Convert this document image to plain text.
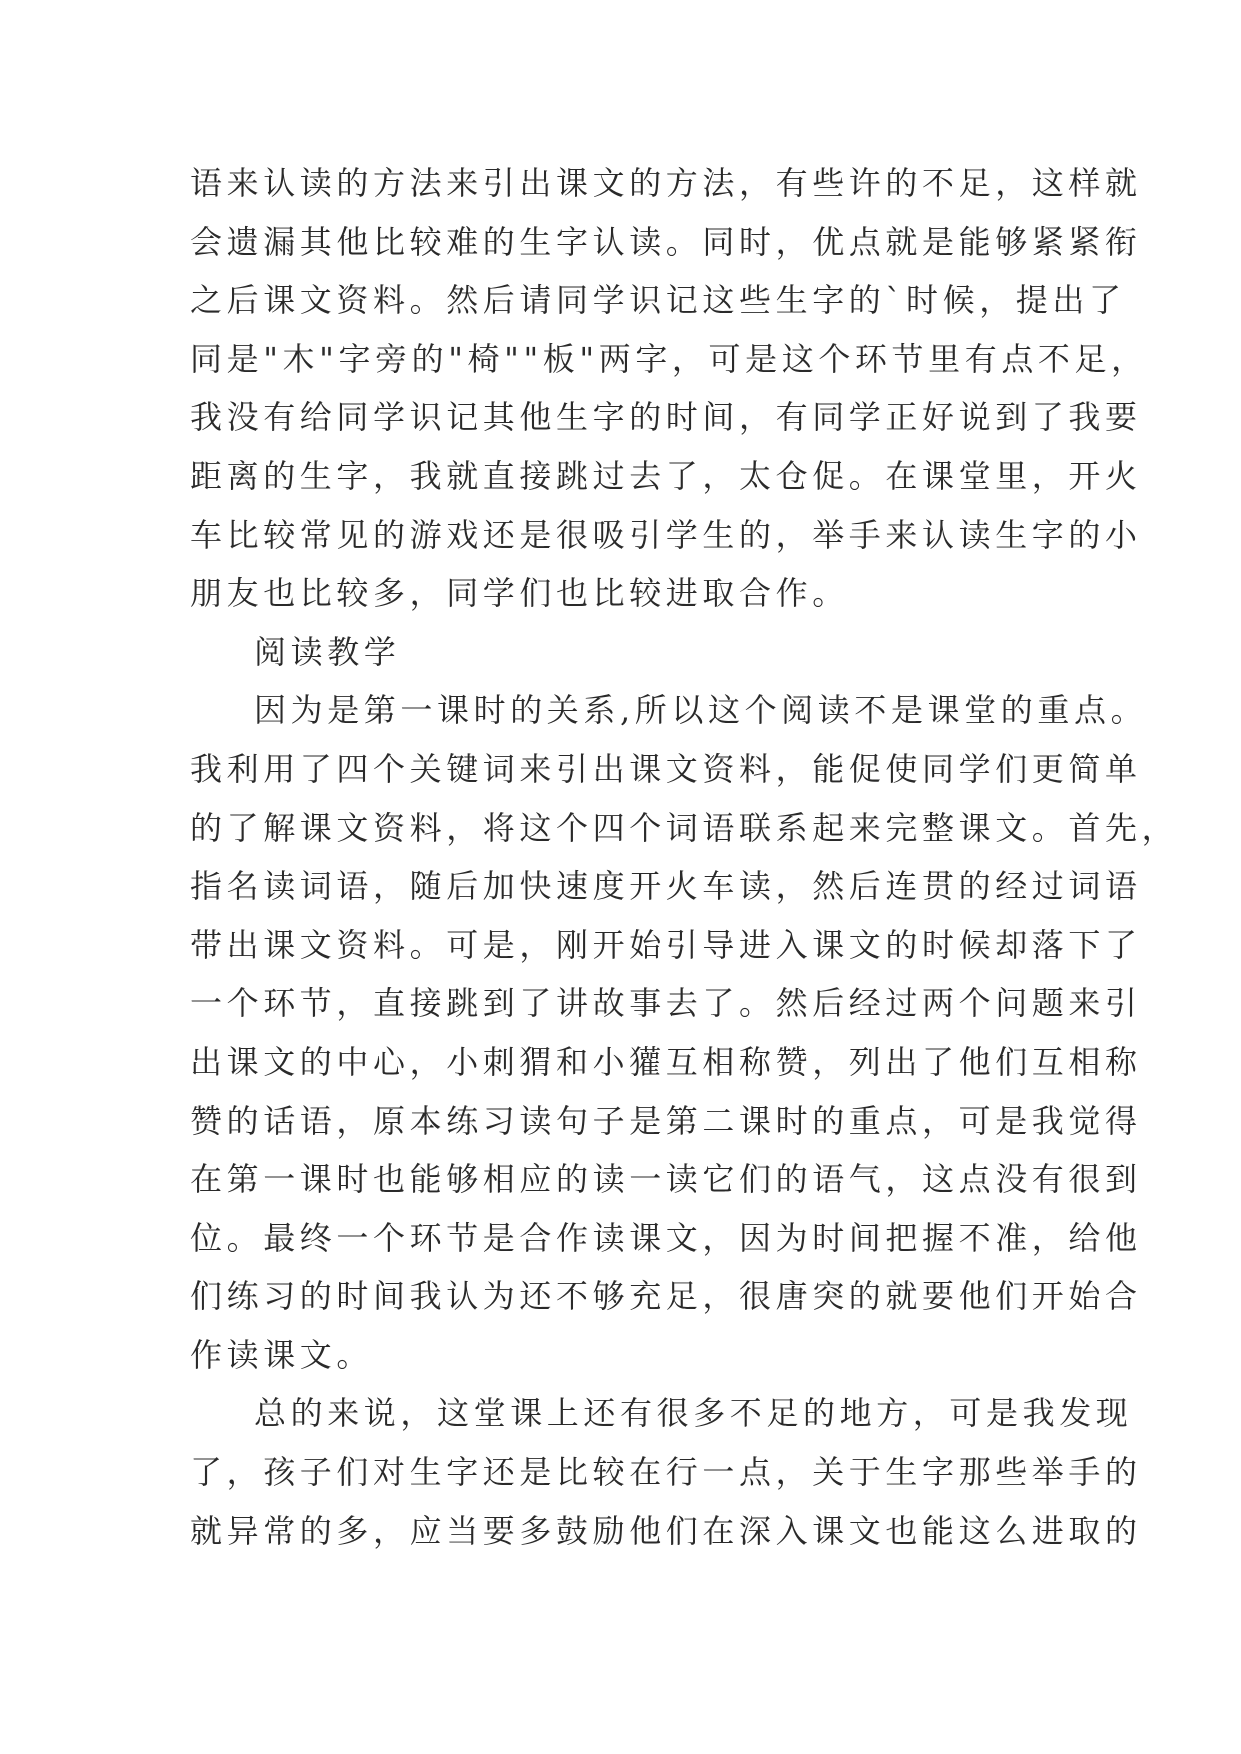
语来认读的方法来引出课文的方法，有些许的不足，这样就
会遗漏其他比较难的生字认读。同时，优点就是能够紧紧衔
之后课文资料。然后请同学识记这些生字的`时候，提出了
同是"木"字旁的"椅""板"两字，可是这个环节里有点不足，
我没有给同学识记其他生字的时间，有同学正好说到了我要
距离的生字，我就直接跳过去了，太仓促。在课堂里，开火
车比较常见的游戏还是很吸引学生的，举手来认读生字的小
朋友也比较多，同学们也比较进取合作。
阅读教学
因为是第一课时的关系,所以这个阅读不是课堂的重点。
我利用了四个关键词来引出课文资料，能促使同学们更简单
的了解课文资料，将这个四个词语联系起来完整课文。首先，
指名读词语，随后加快速度开火车读，然后连贯的经过词语
带出课文资料。可是，刚开始引导进入课文的时候却落下了
一个环节，直接跳到了讲故事去了。然后经过两个问题来引
出课文的中心，小刺猬和小獾互相称赞，列出了他们互相称
赞的话语，原本练习读句子是第二课时的重点，可是我觉得
在第一课时也能够相应的读一读它们的语气，这点没有很到
位。最终一个环节是合作读课文，因为时间把握不准，给他
们练习的时间我认为还不够充足，很唐突的就要他们开始合
作读课文。
总的来说，这堂课上还有很多不足的地方，可是我发现
了，孩子们对生字还是比较在行一点，关于生字那些举手的
就异常的多，应当要多鼓励他们在深入课文也能这么进取的
